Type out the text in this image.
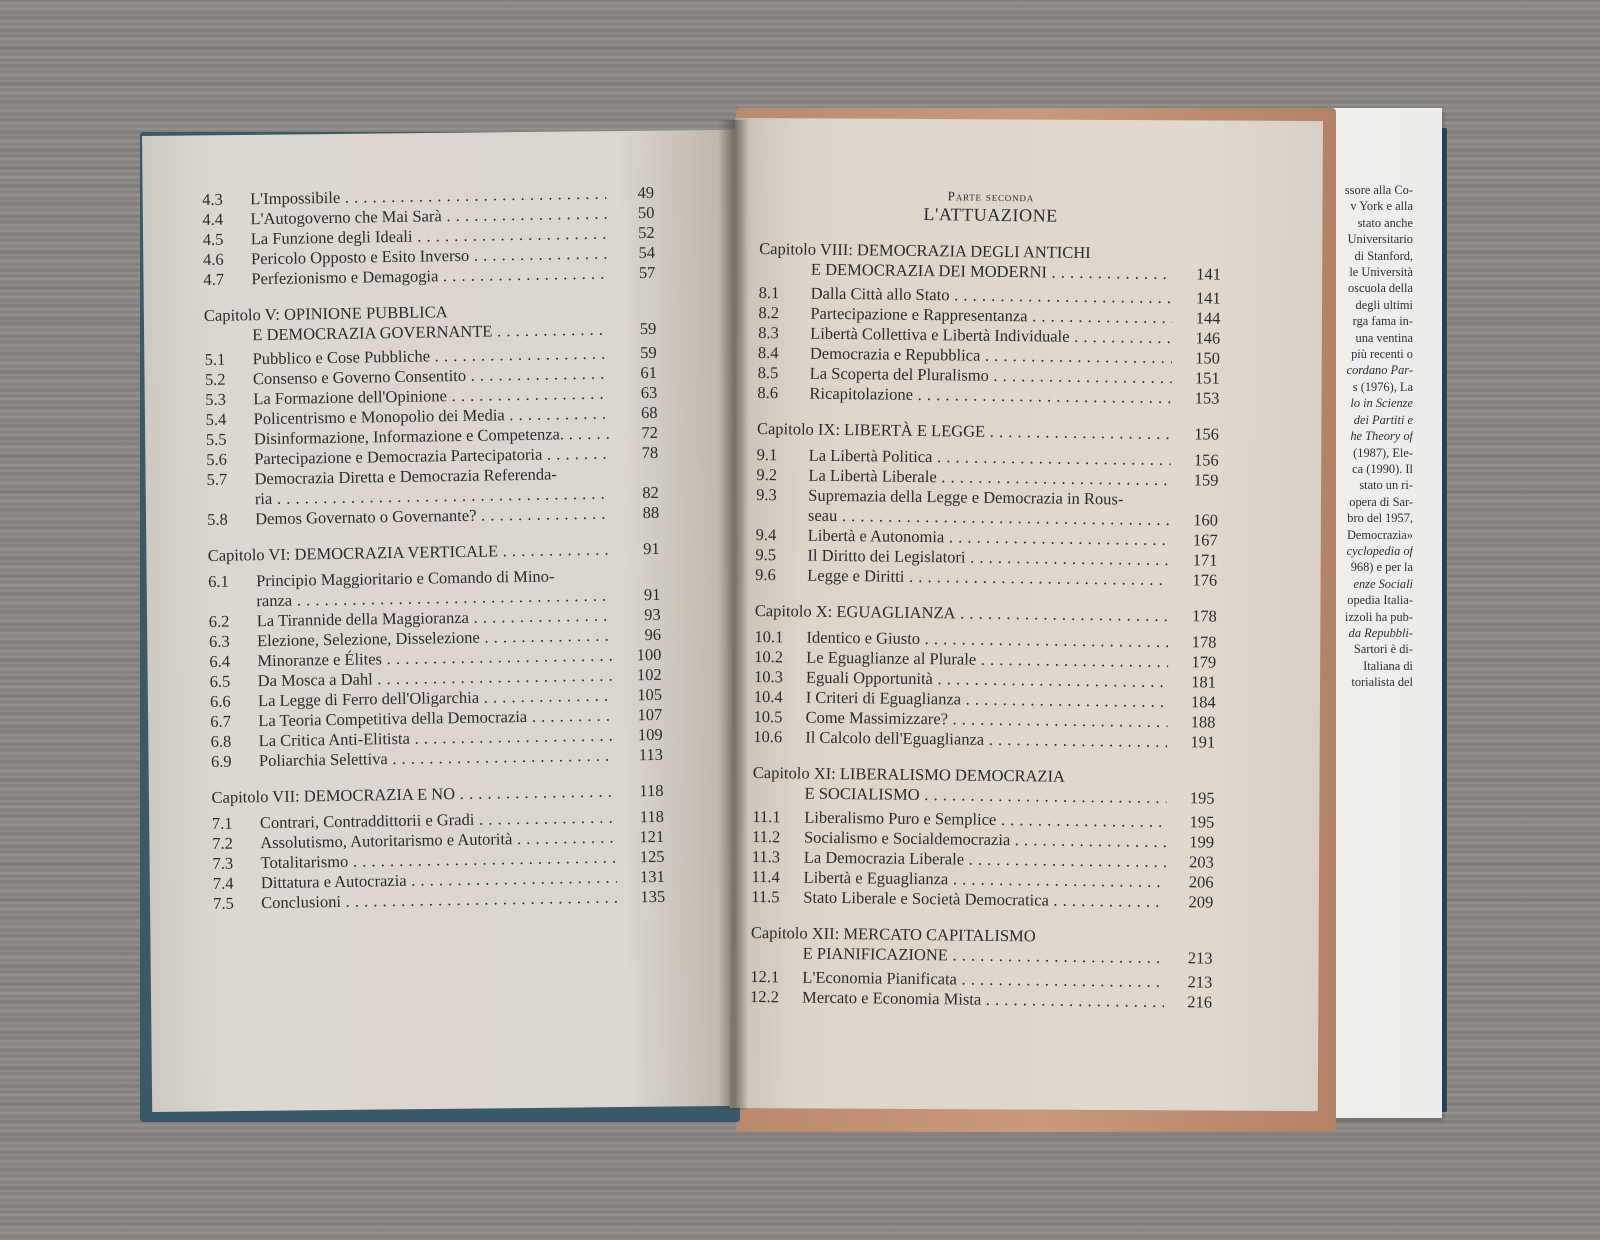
ssore alla Co-
v York e alla
stato anche
Universitario
di Stanford,
le Università
oscuola della
degli ultimi
rga fama in-
una ventina
più recenti o
cordano Par-
s (1976), La
lo in Scienze
dei Partiti e
he Theory of
(1987), Ele-
ca (1990). Il
stato un ri-
opera di Sar-
bro del 1957,
Democrazia»
cyclopedia of
968) e per la
enze Sociali
opedia Italia-
izzoli ha pub-
da Repubbli-
Sartori è di-
Italiana di
torialista del
4.3 L'Impossibile . . .	49
4.4 L'Autogoverno che Mai Sarà . . .	50
4.5 La Funzione degli Ideali . . .	52
4.6 Pericolo Opposto e Esito Inverso . . .	54
4.7 Perfezionismo e Demagogia . . .	57
Capitolo V: OPINIONE PUBBLICA
E DEMOCRAZIA GOVERNANTE . . .	59
5.1 Pubblico e Cose Pubbliche . . .	59
5.2 Consenso e Governo Consentito . . .	61
5.3 La Formazione dell'Opinione . . .	63
5.4 Policentrismo e Monopolio dei Media . . .	68
5.5 Disinformazione, Informazione e Competenza. . . .	72
5.6 Partecipazione e Democrazia Partecipatoria . . .	78
5.7 Democrazia Diretta e Democrazia Referenda-
ria . . .	82
5.8 Demos Governato o Governante? . . .	88
Capitolo VI: DEMOCRAZIA VERTICALE . . .	91
6.1 Principio Maggioritario e Comando di Mino-
ranza . . .	91
6.2 La Tirannide della Maggioranza . . .	93
6.3 Elezione, Selezione, Disselezione . . .	96
6.4 Minoranze e Élites . . .	100
6.5 Da Mosca a Dahl . . .	102
6.6 La Legge di Ferro dell'Oligarchia . . .	105
6.7 La Teoria Competitiva della Democrazia . . .	107
6.8 La Critica Anti-Elitista . . .	109
6.9 Poliarchia Selettiva . . .	113
Capitolo VII: DEMOCRAZIA E NO . . .	118
7.1 Contrari, Contraddittorii e Gradi . . .	118
7.2 Assolutismo, Autoritarismo e Autorità . . .	121
7.3 Totalitarismo . . .	125
7.4 Dittatura e Autocrazia . . .	131
7.5 Conclusioni . . .	135
Parte seconda
L'ATTUAZIONE
Capitolo VIII: DEMOCRAZIA DEGLI ANTICHI
E DEMOCRAZIA DEI MODERNI . . .	141
8.1 Dalla Città allo Stato . . .	141
8.2 Partecipazione e Rappresentanza . . .	144
8.3 Libertà Collettiva e Libertà Individuale . . .	146
8.4 Democrazia e Repubblica . . .	150
8.5 La Scoperta del Pluralismo . . .	151
8.6 Ricapitolazione . . .	153
Capitolo IX: LIBERTÀ E LEGGE . . .	156
9.1 La Libertà Politica . . .	156
9.2 La Libertà Liberale . . .	159
9.3 Supremazia della Legge e Democrazia in Rous-
seau . . .	160
9.4 Libertà e Autonomia . . .	167
9.5 Il Diritto dei Legislatori . . .	171
9.6 Legge e Diritti . . .	176
Capitolo X: EGUAGLIANZA . . .	178
10.1 Identico e Giusto . . .	178
10.2 Le Eguaglianze al Plurale . . .	179
10.3 Eguali Opportunità . . .	181
10.4 I Criteri di Eguaglianza . . .	184
10.5 Come Massimizzare? . . .	188
10.6 Il Calcolo dell'Eguaglianza . . .	191
Capitolo XI: LIBERALISMO DEMOCRAZIA
E SOCIALISMO . . .	195
11.1 Liberalismo Puro e Semplice . . .	195
11.2 Socialismo e Socialdemocrazia . . .	199
11.3 La Democrazia Liberale . . .	203
11.4 Libertà e Eguaglianza . . .	206
11.5 Stato Liberale e Società Democratica . . .	209
Capitolo XII: MERCATO CAPITALISMO
E PIANIFICAZIONE . . .	213
12.1 L'Economia Pianificata . . .	213
12.2 Mercato e Economia Mista . . .	216
